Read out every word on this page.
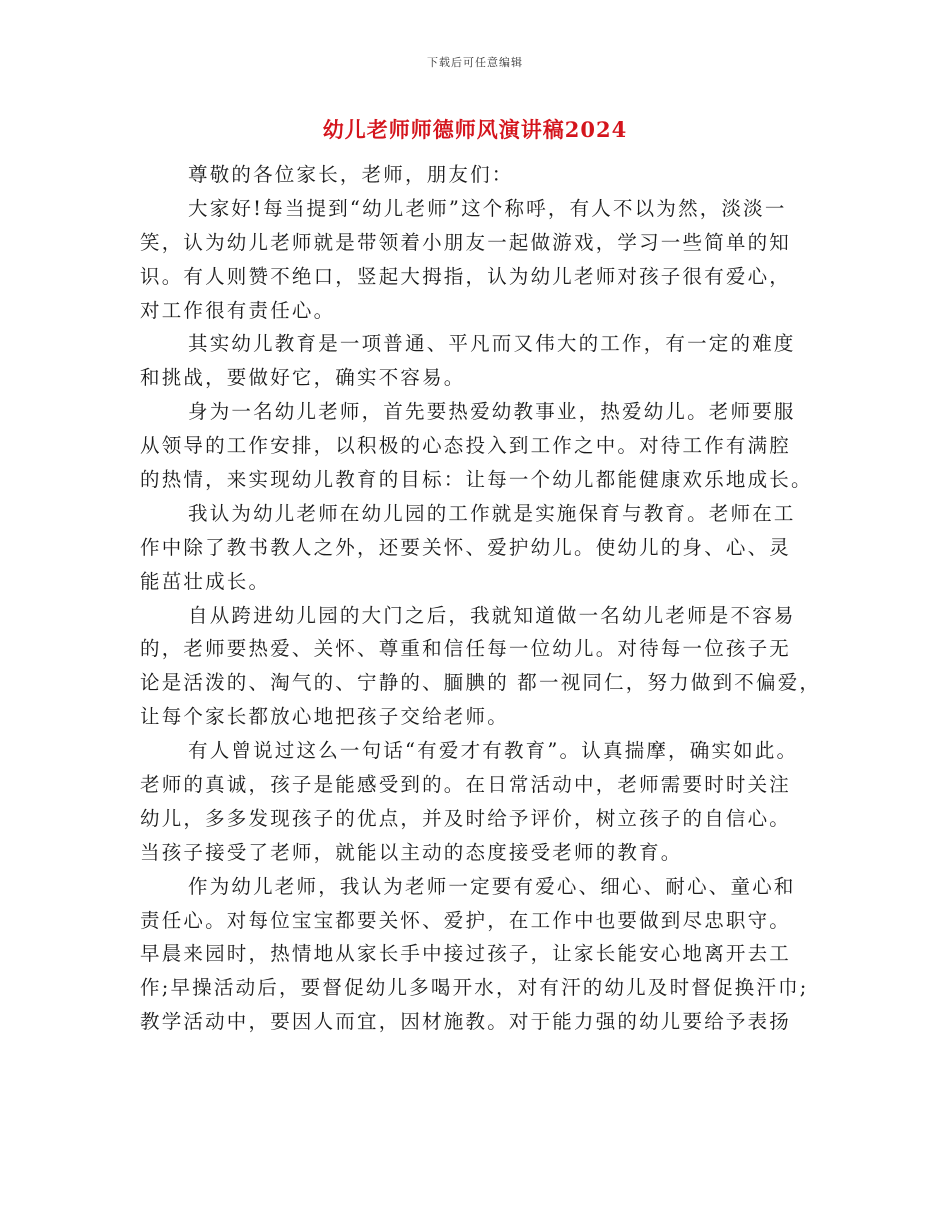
下载后可任意编辑
幼儿老师师德师风演讲稿2024
尊敬的各位家长，老师，朋友们：
大家好!每当提到“幼儿老师”这个称呼，有人不以为然，淡淡一
笑，认为幼儿老师就是带领着小朋友一起做游戏，学习一些简单的知
识。有人则赞不绝口，竖起大拇指，认为幼儿老师对孩子很有爱心，
对工作很有责任心。
其实幼儿教育是一项普通、平凡而又伟大的工作，有一定的难度
和挑战，要做好它，确实不容易。
身为一名幼儿老师，首先要热爱幼教事业，热爱幼儿。老师要服
从领导的工作安排，以积极的心态投入到工作之中。对待工作有满腔
的热情，来实现幼儿教育的目标：让每一个幼儿都能健康欢乐地成长。
我认为幼儿老师在幼儿园的工作就是实施保育与教育。老师在工
作中除了教书教人之外，还要关怀、爱护幼儿。使幼儿的身、心、灵
能茁壮成长。
自从跨进幼儿园的大门之后，我就知道做一名幼儿老师是不容易
的，老师要热爱、关怀、尊重和信任每一位幼儿。对待每一位孩子无
论是活泼的、淘气的、宁静的、腼腆的 都一视同仁，努力做到不偏爱，
让每个家长都放心地把孩子交给老师。
有人曾说过这么一句话“有爱才有教育”。认真揣摩，确实如此。
老师的真诚，孩子是能感受到的。在日常活动中，老师需要时时关注
幼儿，多多发现孩子的优点，并及时给予评价，树立孩子的自信心。
当孩子接受了老师，就能以主动的态度接受老师的教育。
作为幼儿老师，我认为老师一定要有爱心、细心、耐心、童心和
责任心。对每位宝宝都要关怀、爱护，在工作中也要做到尽忠职守。
早晨来园时，热情地从家长手中接过孩子，让家长能安心地离开去工
作;早操活动后，要督促幼儿多喝开水，对有汗的幼儿及时督促换汗巾;
教学活动中，要因人而宜，因材施教。对于能力强的幼儿要给予表扬
